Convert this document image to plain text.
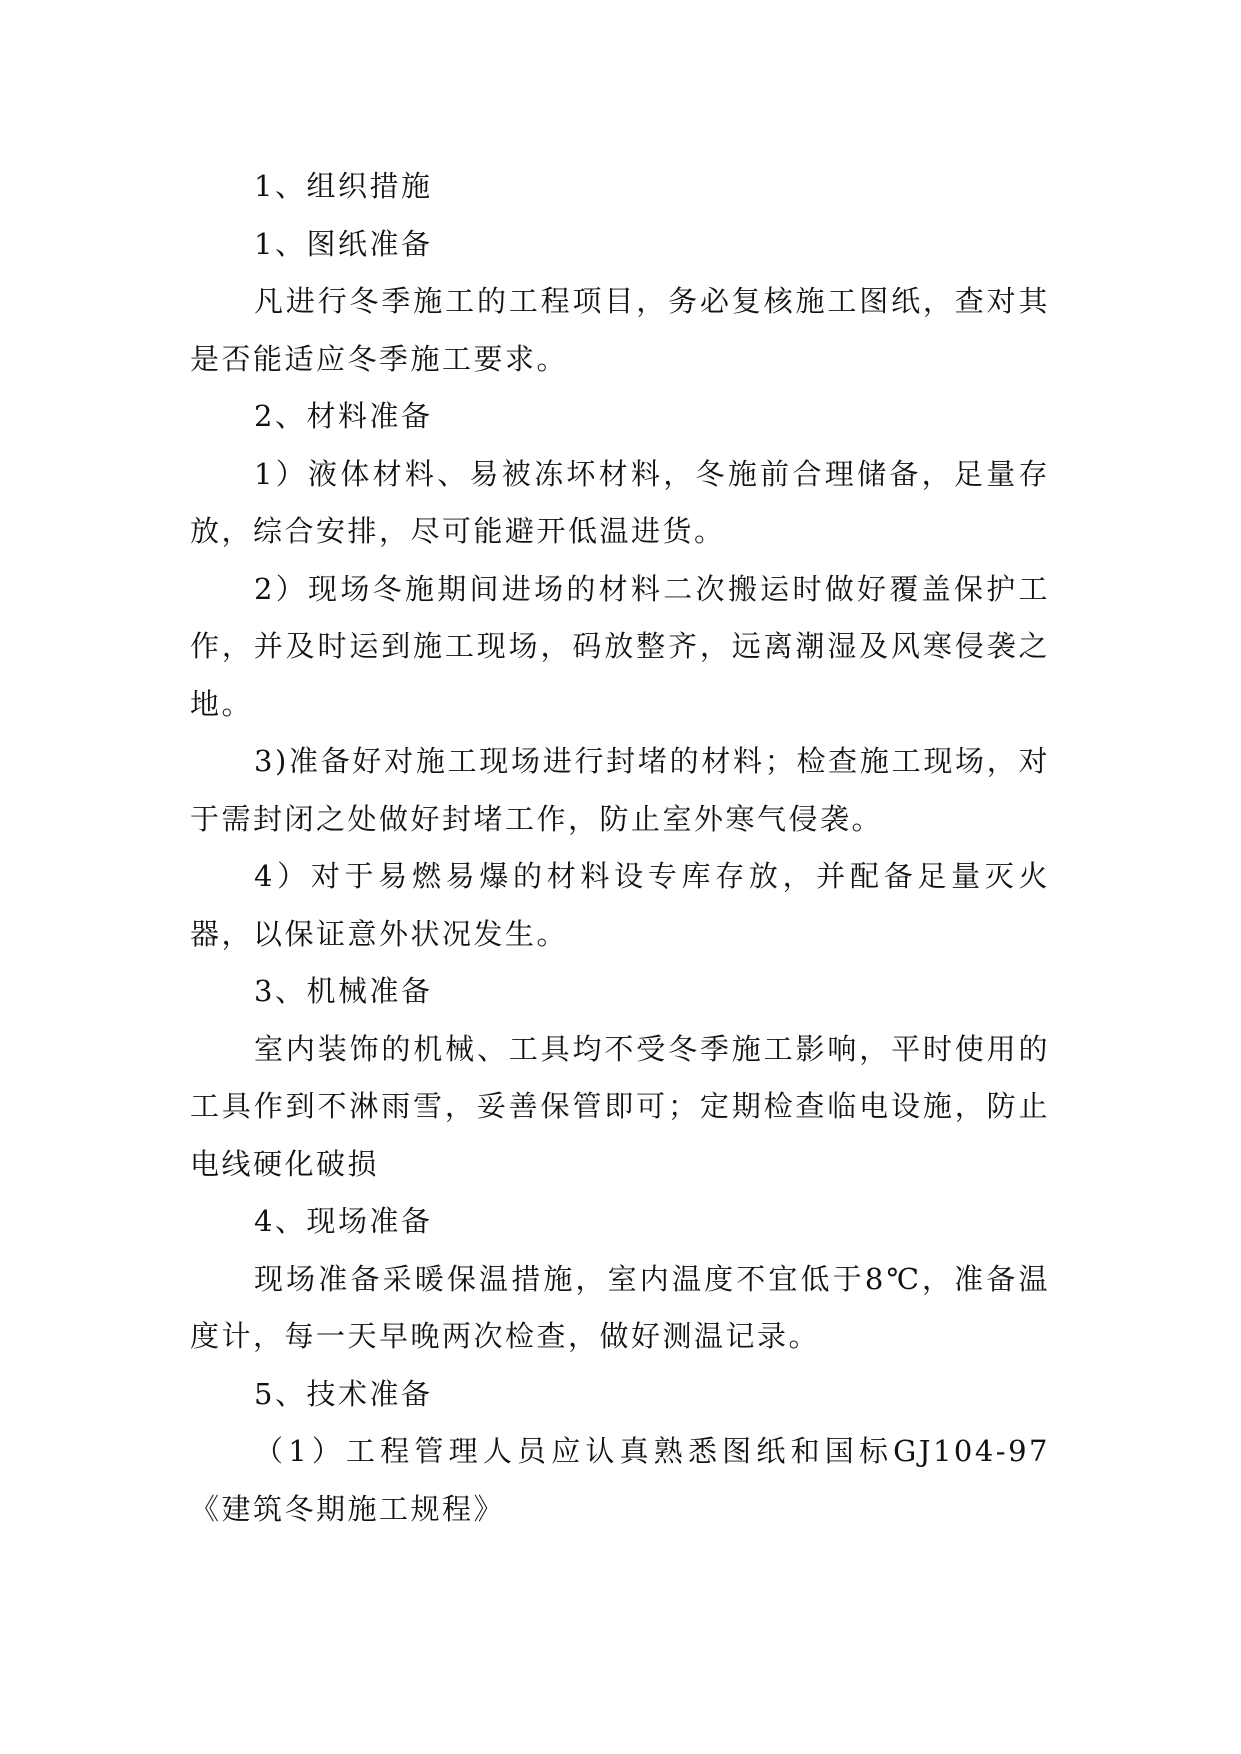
1、组织措施

1、图纸准备

凡进行冬季施工的工程项目，务必复核施工图纸，查对其是否能适应冬季施工要求。

2、材料准备

1）液体材料、易被冻坏材料，冬施前合理储备，足量存放，综合安排，尽可能避开低温进货。

2）现场冬施期间进场的材料二次搬运时做好覆盖保护工作，并及时运到施工现场，码放整齐，远离潮湿及风寒侵袭之地。

3)准备好对施工现场进行封堵的材料；检查施工现场，对于需封闭之处做好封堵工作，防止室外寒气侵袭。

4）对于易燃易爆的材料设专库存放，并配备足量灭火器，以保证意外状况发生。

3、机械准备

室内装饰的机械、工具均不受冬季施工影响，平时使用的工具作到不淋雨雪，妥善保管即可；定期检查临电设施，防止电线硬化破损

4、现场准备

现场准备采暖保温措施，室内温度不宜低于8℃，准备温度计，每一天早晚两次检查，做好测温记录。

5、技术准备

（1）工程管理人员应认真熟悉图纸和国标GJ104-97《建筑冬期施工规程》
